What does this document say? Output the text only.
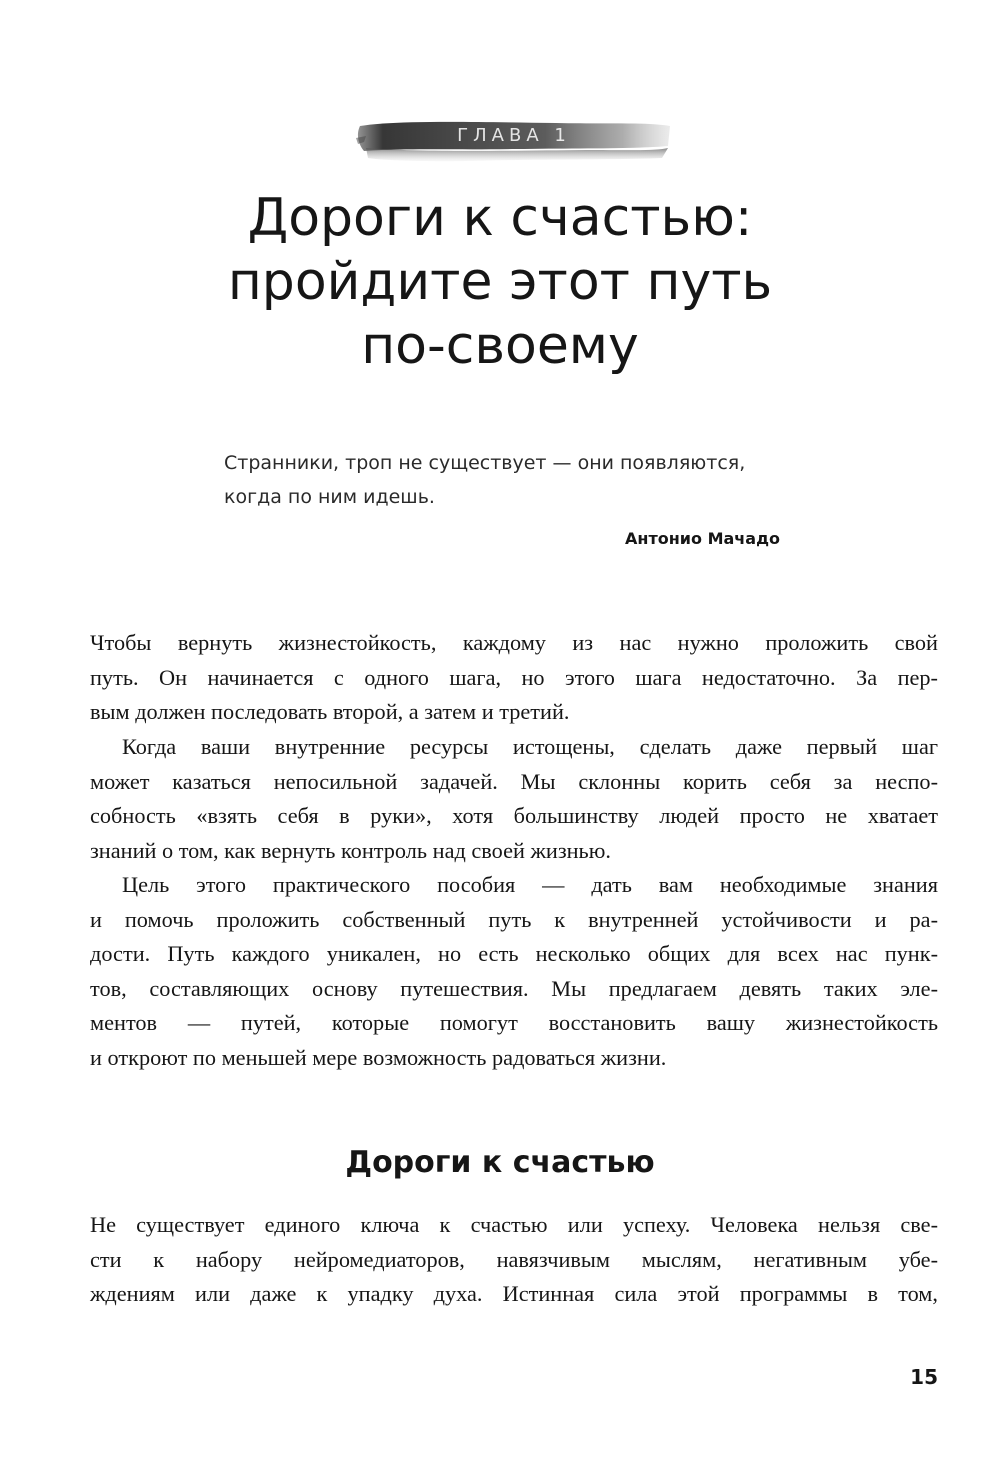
ГЛАВА 1
Дороги к счастью:
пройдите этот путь
по-своему
Странники, троп не существует — они появляются,
когда по ним идешь.
Антонио Мачадо
Чтобы вернуть жизнестойкость, каждому из нас нужно проложить свой
путь. Он начинается с одного шага, но этого шага недостаточно. За пер-
вым должен последовать второй, а затем и третий.
Когда ваши внутренние ресурсы истощены, сделать даже первый шаг
может казаться непосильной задачей. Мы склонны корить себя за неспо-
собность «взять себя в руки», хотя большинству людей просто не хватает
знаний о том, как вернуть контроль над своей жизнью.
Цель этого практического пособия — дать вам необходимые знания
и помочь проложить собственный путь к внутренней устойчивости и ра-
дости. Путь каждого уникален, но есть несколько общих для всех нас пунк-
тов, составляющих основу путешествия. Мы предлагаем девять таких эле-
ментов — путей, которые помогут восстановить вашу жизнестойкость
и откроют по меньшей мере возможность радоваться жизни.
Дороги к счастью
Не существует единого ключа к счастью или успеху. Человека нельзя све-
сти к набору нейромедиаторов, навязчивым мыслям, негативным убе-
ждениям или даже к упадку духа. Истинная сила этой программы в том,
15
